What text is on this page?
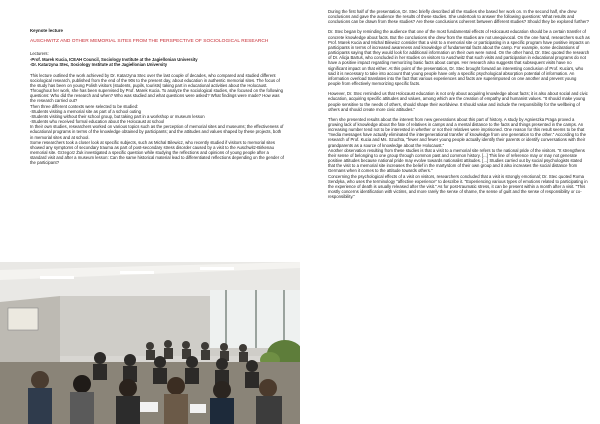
Keynote lecture
AUSCHWITZ AND OTHER MEMORIAL SITES FROM THE PERSPECTIVE OF SOCIOLOGICAL RESEARCH
Lecturers:
-Prof. Marek Kucia, ICEAH Council, Sociology Institute at the Jagiellonian University
-Dr. Katarzyna Stec, Sociology Institute at the Jagiellonian University
This lecture outlined the work achieved by Dr. Katarzyna Stec over the last couple of decades, who compared and studied different sociological research, published from the end of the 90s to the present day, about education in authentic memorial sites. The focus of the study has been on young Polish visitors (students, pupils, tourists) taking part in educational activities about the Holocaust. Throughout her work, she has been supervised by Prof. Marek Kucia. To analyze the sociological studies, she focused on the following questions: Who did the research and when? Who was studied and what questions were asked? What findings were made? How was the research carried out?
Then three different contexts were selected to be studied:
-Students visiting a memorial site as part of a school outing
-Students visiting without their school group, but taking part in a workshop or museum lesson
-Students who received formal education about the Holocaust at school
In their own studies, researchers worked on various topics such as the perception of memorial sites and museums; the effectiveness of educational programs in terms of the knowledge obtained by participants; and the attitudes and values shaped by these projects, both in memorial sites and at school.
Some researchers took a closer look at specific subjects, such as Michal Bilewicz, who recently studied if visitors to memorial sites showed any symptoms of secondary trauma as part of post-secondary stress disorder caused by a visit to the Auschwitz-Birkenau memorial site. Grzegorz Żuk investigated a specific question while studying the reflections and opinions of young people after a standard visit and after a museum lesson: Can the same historical material lead to differentiated reflections depending on the gender of the participant?
During the first half of the presentation, Dr. Stec briefly described all the studies she based her work on. In the second half, she drew conclusions and gave the audience the results of these studies. She undertook to answer the following questions: What results and conclusions can be drawn from these studies? Are these conclusions coherent between different studies? Should they be explored further?
Dr. Stec began by reminding the audience that one of the most fundamental effects of Holocaust education should be a certain transfer of concrete knowledge about facts. But the conclusions she drew from the studies are not unequivocal. On the one hand, researchers such as Prof. Marek Kucia and Michal Bilewicz consider that a visit to a memorial site or participating in a specific program have positive impacts on participants in terms of increased awareness and knowledge of fundamental facts about the camp. For example, some declarations of participants saying that they would look for additional information on their own were noted. On the other hand, Dr. Stec quoted the research of Dr. Alicja Bartuś, who concluded in her studies on visitors to Auschwitz that such visits and participation in educational programs do not have a positive impact regarding memorizing basic facts about camps. Her research also suggests that subsequent visits have no significant impact on that either. At this point of the presentation, Dr. Stec brought forward an interesting conclusion of Prof. Kucia's, who said it is necessary to take into account that young people have only a specific psychological absorption potential of information. An information overload translates into the fact that various experiences and facts are superimposed on one another and prevent young people from effectively memorizing specific facts.
However, Dr. Stec reminded us that Holocaust education is not only about acquiring knowledge about facts; it is also about social and civic education, acquiring specific attitudes and values, among which are the creation of empathy and humanist values. "It should make young people sensitive to the needs of others, should shape their worldview. It should value and include the responsibility for the wellbeing of others and should create more civic attitudes."
Then she presented results about the interest from new generations about this part of history. A study by Agnieszka Praga proved a growing lack of knowledge about the fate of relatives in camps and a mental distance to the facts and things presented in the camps. An increasing number tend not to be interested in whether or not their relatives were imprisoned. One reason for this result seems to be that "media messages have actually eliminated the intergenerational transfer of knowledge from one generation to the other." According to the research of Prof. Kucia and Ms. Szuchta, "fewer and fewer young people actually identify their parents or identify conversations with their grandparents as a source of knowledge about the Holocaust."
Another observation resulting from these studies is that a visit to a memorial site refers to the national pride of the visitors. "It strengthens their sense of belonging to one group through common past and common history. [...] This line of reference may or may not generate positive attitudes because national pride may evolve towards nationalist attitudes. [...] Studies carried out by social psychologists stated that the visit to a memorial site increases the belief in the martyrdom of their own group and it also increases the social distance from Germans when it comes to the attitude towards others."
Concerning the psychological effects of a visit on visitors, researchers concluded that a visit is strongly emotional; Dr. Stec quoted Roma Sendyka, who uses the terminology "affective experience" to describe it. "Experiencing various types of emotions related to participating in the experience of death is usually released after the visit." As for post-traumatic stress, it can be present within a month after a visit. "This mostly concerns identification with victims, and more rarely the sense of shame, the sense of guilt and the sense of responsibility or co-responsibility."
